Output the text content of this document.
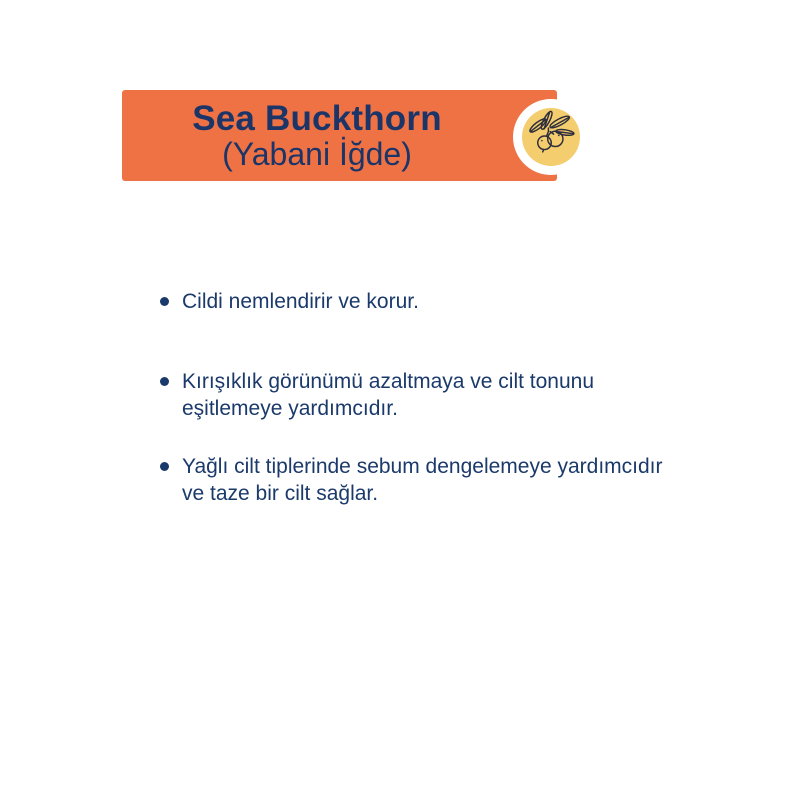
Sea Buckthorn
(Yabani İğde)
Cildi nemlendirir ve korur.
Kırışıklık görünümü azaltmaya ve cilt tonunu
eşitlemeye yardımcıdır.
Yağlı cilt tiplerinde sebum dengelemeye yardımcıdır
ve taze bir cilt sağlar.
